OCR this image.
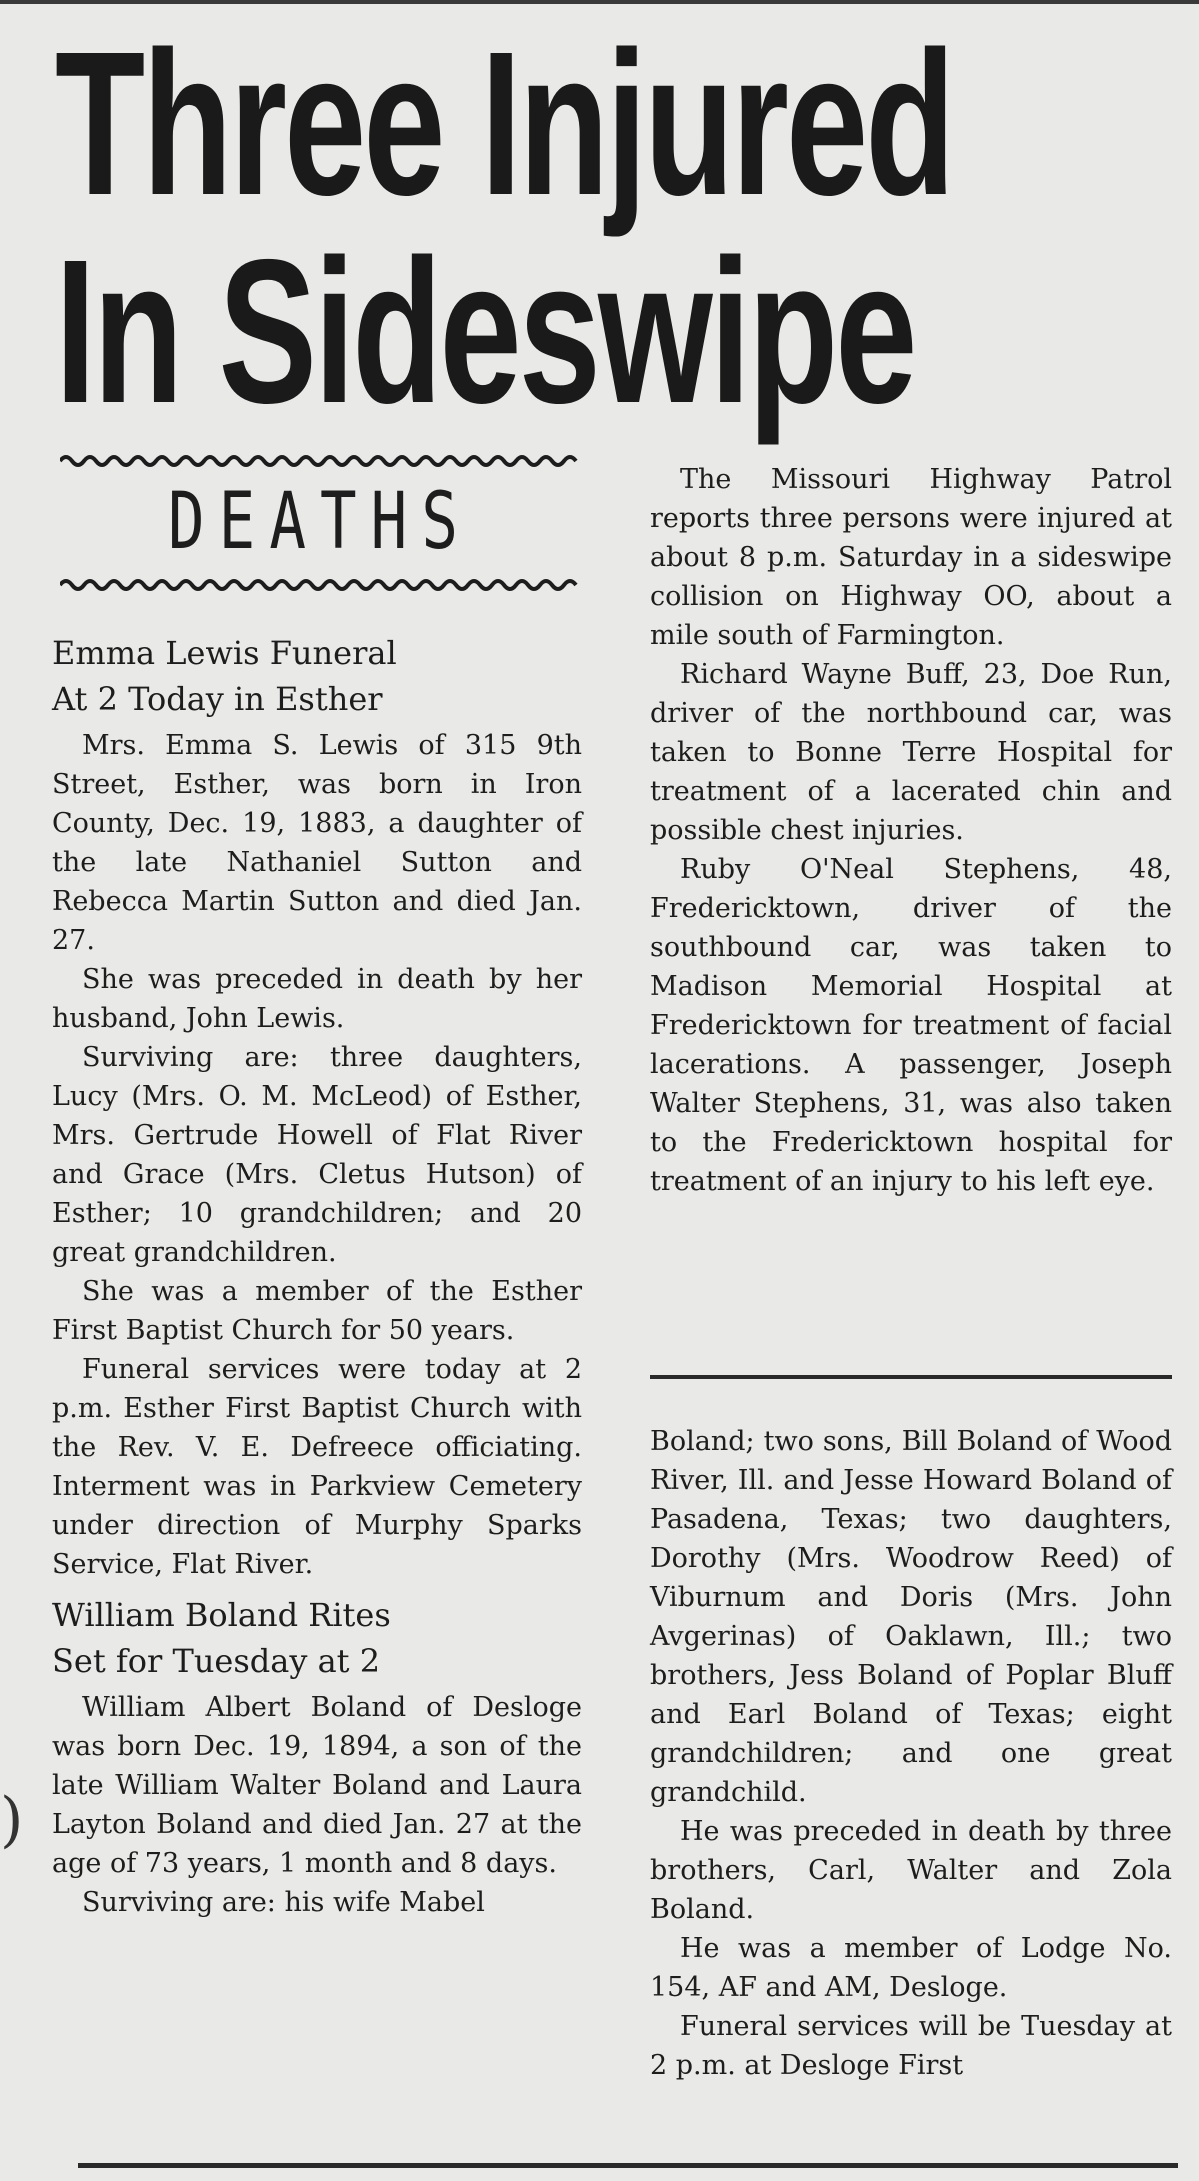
Three Injured
In Sideswipe
DEATHS
Emma Lewis Funeral
At 2 Today in Esther

Mrs. Emma S. Lewis of 315 9th Street, Esther, was born in Iron County, Dec. 19, 1883, a daughter of the late Nathaniel Sutton and Rebecca Martin Sutton and died Jan. 27.

She was preceded in death by her husband, John Lewis.

Surviving are: three daughters, Lucy (Mrs. O. M. McLeod) of Esther, Mrs. Gertrude Howell of Flat River and Grace (Mrs. Cletus Hutson) of Esther; 10 grandchildren; and 20 great grandchildren.

She was a member of the Esther First Baptist Church for 50 years.

Funeral services were today at 2 p.m. Esther First Baptist Church with the Rev. V. E. Defreece officiating. Interment was in Parkview Cemetery under direction of Murphy Sparks Service, Flat River.

William Boland Rites
Set for Tuesday at 2

William Albert Boland of Desloge was born Dec. 19, 1894, a son of the late William Walter Boland and Laura Layton Boland and died Jan. 27 at the age of 73 years, 1 month and 8 days.

Surviving are: his wife Mabel

)

The Missouri Highway Patrol reports three persons were injured at about 8 p.m. Saturday in a sideswipe collision on Highway OO, about a mile south of Farmington.

Richard Wayne Buff, 23, Doe Run, driver of the northbound car, was taken to Bonne Terre Hospital for treatment of a lacerated chin and possible chest injuries.

Ruby O'Neal Stephens, 48, Fredericktown, driver of the southbound car, was taken to Madison Memorial Hospital at Fredericktown for treatment of facial lacerations. A passenger, Joseph Walter Stephens, 31, was also taken to the Fredericktown hospital for treatment of an injury to his left eye.

Boland; two sons, Bill Boland of Wood River, Ill. and Jesse Howard Boland of Pasadena, Texas; two daughters, Dorothy (Mrs. Woodrow Reed) of Viburnum and Doris (Mrs. John Avgerinas) of Oaklawn, Ill.; two brothers, Jess Boland of Poplar Bluff and Earl Boland of Texas; eight grandchildren; and one great grandchild.

He was preceded in death by three brothers, Carl, Walter and Zola Boland.

He was a member of Lodge No. 154, AF and AM, Desloge.

Funeral services will be Tuesday at 2 p.m. at Desloge First
